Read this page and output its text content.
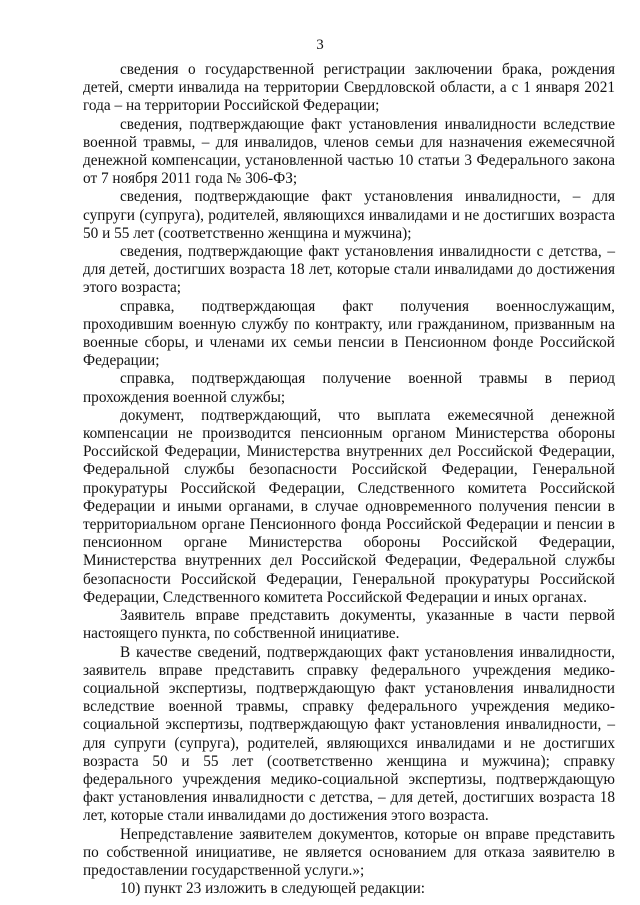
3

сведения о государственной регистрации заключении брака, рождения детей, смерти инвалида на территории Свердловской области, а с 1 января 2021 года – на территории Российской Федерации;

сведения, подтверждающие факт установления инвалидности вследствие военной травмы, – для инвалидов, членов семьи для назначения ежемесячной денежной компенсации, установленной частью 10 статьи 3 Федерального закона от 7 ноября 2011 года № 306-ФЗ;

сведения, подтверждающие факт установления инвалидности, – для супруги (супруга), родителей, являющихся инвалидами и не достигших возраста 50 и 55 лет (соответственно женщина и мужчина);

сведения, подтверждающие факт установления инвалидности с детства, – для детей, достигших возраста 18 лет, которые стали инвалидами до достижения этого возраста;

справка, подтверждающая факт получения военнослужащим, проходившим военную службу по контракту, или гражданином, призванным на военные сборы, и членами их семьи пенсии в Пенсионном фонде Российской Федерации;

справка, подтверждающая получение военной травмы в период прохождения военной службы;

документ, подтверждающий, что выплата ежемесячной денежной компенсации не производится пенсионным органом Министерства обороны Российской Федерации, Министерства внутренних дел Российской Федерации, Федеральной службы безопасности Российской Федерации, Генеральной прокуратуры Российской Федерации, Следственного комитета Российской Федерации и иными органами, в случае одновременного получения пенсии в территориальном органе Пенсионного фонда Российской Федерации и пенсии в пенсионном органе Министерства обороны Российской Федерации, Министерства внутренних дел Российской Федерации, Федеральной службы безопасности Российской Федерации, Генеральной прокуратуры Российской Федерации, Следственного комитета Российской Федерации и иных органах.

Заявитель вправе представить документы, указанные в части первой настоящего пункта, по собственной инициативе.

В качестве сведений, подтверждающих факт установления инвалидности, заявитель вправе представить справку федерального учреждения медико-социальной экспертизы, подтверждающую факт установления инвалидности вследствие военной травмы, справку федерального учреждения медико-социальной экспертизы, подтверждающую факт установления инвалидности, – для супруги (супруга), родителей, являющихся инвалидами и не достигших возраста 50 и 55 лет (соответственно женщина и мужчина); справку федерального учреждения медико-социальной экспертизы, подтверждающую факт установления инвалидности с детства, – для детей, достигших возраста 18 лет, которые стали инвалидами до достижения этого возраста.

Непредставление заявителем документов, которые он вправе представить по собственной инициативе, не является основанием для отказа заявителю в предоставлении государственной услуги.»;

10) пункт 23 изложить в следующей редакции:
